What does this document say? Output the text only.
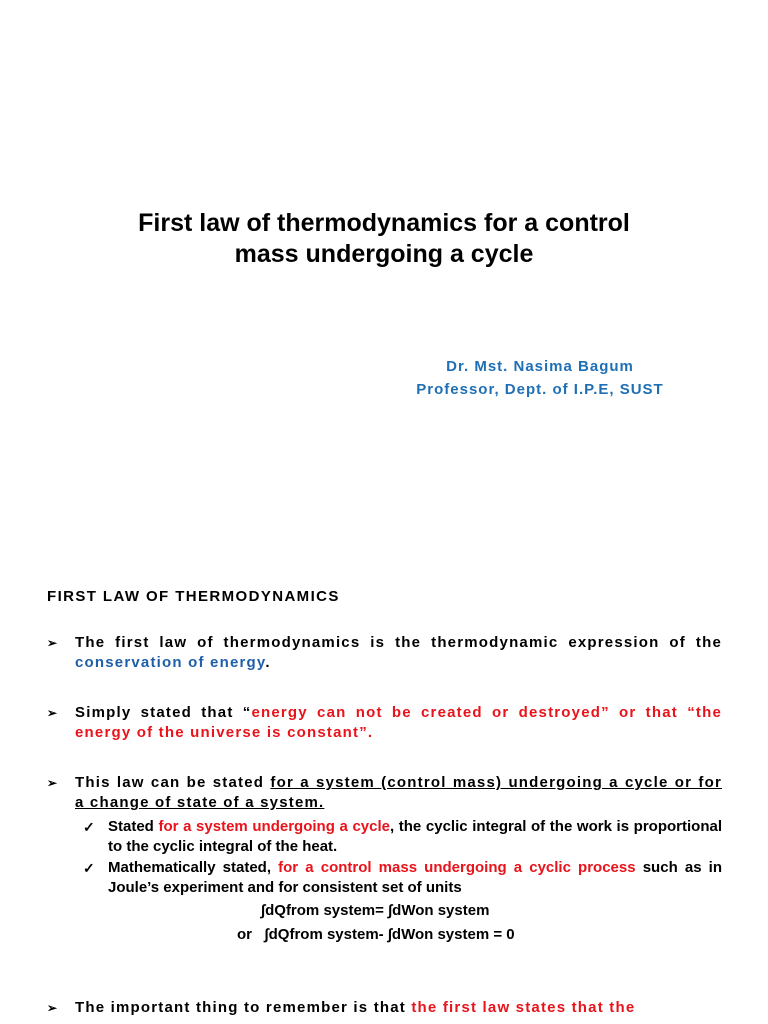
First law of thermodynamics for a control
mass undergoing a cycle
Dr. Mst. Nasima Bagum
Professor, Dept. of I.P.E, SUST
FIRST LAW OF THERMODYNAMICS
➢ The first law of thermodynamics is the thermodynamic expression of the conservation of energy.
➢ Simply stated that “energy can not be created or destroyed” or that “the energy of the universe is constant”.
➢ This law can be stated for a system (control mass) undergoing a cycle or for a change of state of a system.
✓ Stated for a system undergoing a cycle, the cyclic integral of the work is proportional to the cyclic integral of the heat.
✓ Mathematically stated, for a control mass undergoing a cyclic process such as in Joule’s experiment and for consistent set of units
∫dQfrom system= ∫dWon system
or ∫dQfrom system- ∫dWon system = 0
➢ The important thing to remember is that the first law states that the
